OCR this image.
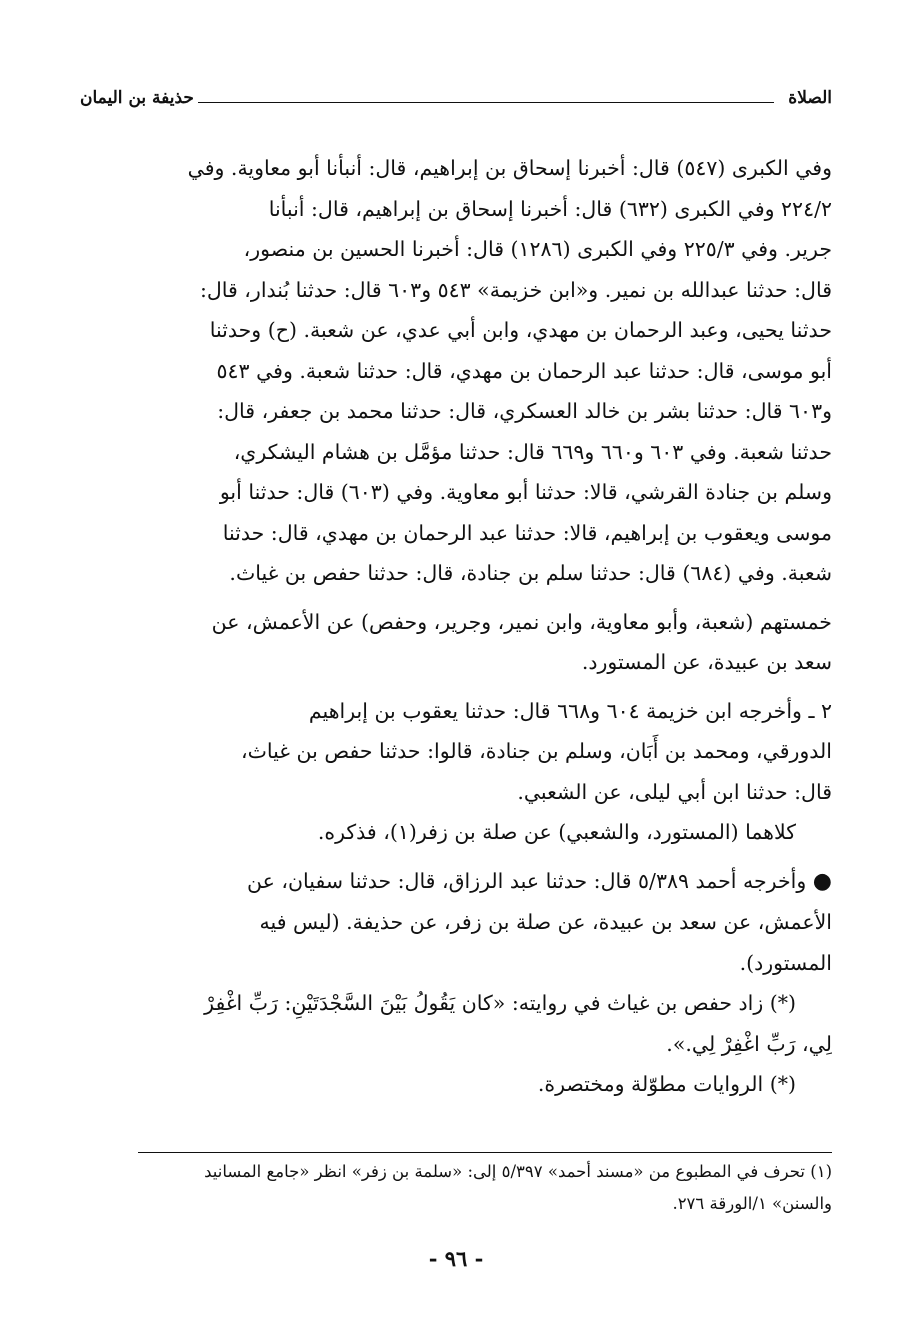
الصلاة
حذيفة بن اليمان

وفي الكبرى (٥٤٧) قال: أخبرنا إسحاق بن إبراهيم، قال: أنبأنا أبو معاوية. وفي
٢٢٤/٢ وفي الكبرى (٦٣٢) قال: أخبرنا إسحاق بن إبراهيم، قال: أنبأنا
جرير. وفي ٢٢٥/٣ وفي الكبرى (١٢٨٦) قال: أخبرنا الحسين بن منصور،
قال: حدثنا عبدالله بن نمير. و«ابن خزيمة» ٥٤٣ و٦٠٣ قال: حدثنا بُندار، قال:
حدثنا يحيى، وعبد الرحمان بن مهدي، وابن أبي عدي، عن شعبة. (ح) وحدثنا
أبو موسى، قال: حدثنا عبد الرحمان بن مهدي، قال: حدثنا شعبة. وفي ٥٤٣
و٦٠٣ قال: حدثنا بشر بن خالد العسكري، قال: حدثنا محمد بن جعفر، قال:
حدثنا شعبة. وفي ٦٠٣ و٦٦٠ و٦٦٩ قال: حدثنا مؤمَّل بن هشام اليشكري،
وسلم بن جنادة القرشي، قالا: حدثنا أبو معاوية. وفي (٦٠٣) قال: حدثنا أبو
موسى ويعقوب بن إبراهيم، قالا: حدثنا عبد الرحمان بن مهدي، قال: حدثنا
شعبة. وفي (٦٨٤) قال: حدثنا سلم بن جنادة، قال: حدثنا حفص بن غياث.

خمستهم (شعبة، وأبو معاوية، وابن نمير، وجرير، وحفص) عن الأعمش، عن
سعد بن عبيدة، عن المستورد.

٢ ـ وأخرجه ابن خزيمة ٦٠٤ و٦٦٨ قال: حدثنا يعقوب بن إبراهيم
الدورقي، ومحمد بن أَبَان، وسلم بن جنادة، قالوا: حدثنا حفص بن غياث،
قال: حدثنا ابن أبي ليلى، عن الشعبي.

كلاهما (المستورد، والشعبي) عن صلة بن زفر(١)، فذكره.

● وأخرجه أحمد ٥/٣٨٩ قال: حدثنا عبد الرزاق، قال: حدثنا سفيان، عن
الأعمش، عن سعد بن عبيدة، عن صلة بن زفر، عن حذيفة. (ليس فيه
المستورد).

(*) زاد حفص بن غياث في روايته: «كان يَقُولُ بَيْنَ السَّجْدَتَيْنِ: رَبِّ اغْفِرْ

لِي، رَبِّ اغْفِرْ لِي.».

(*) الروايات مطوّلة ومختصرة.

(١) تحرف في المطبوع من «مسند أحمد» ٥/٣٩٧ إلى: «سلمة بن زفر» انظر «جامع المسانيد
والسنن» ١/الورقة ٢٧٦.
- ٩٦ -
